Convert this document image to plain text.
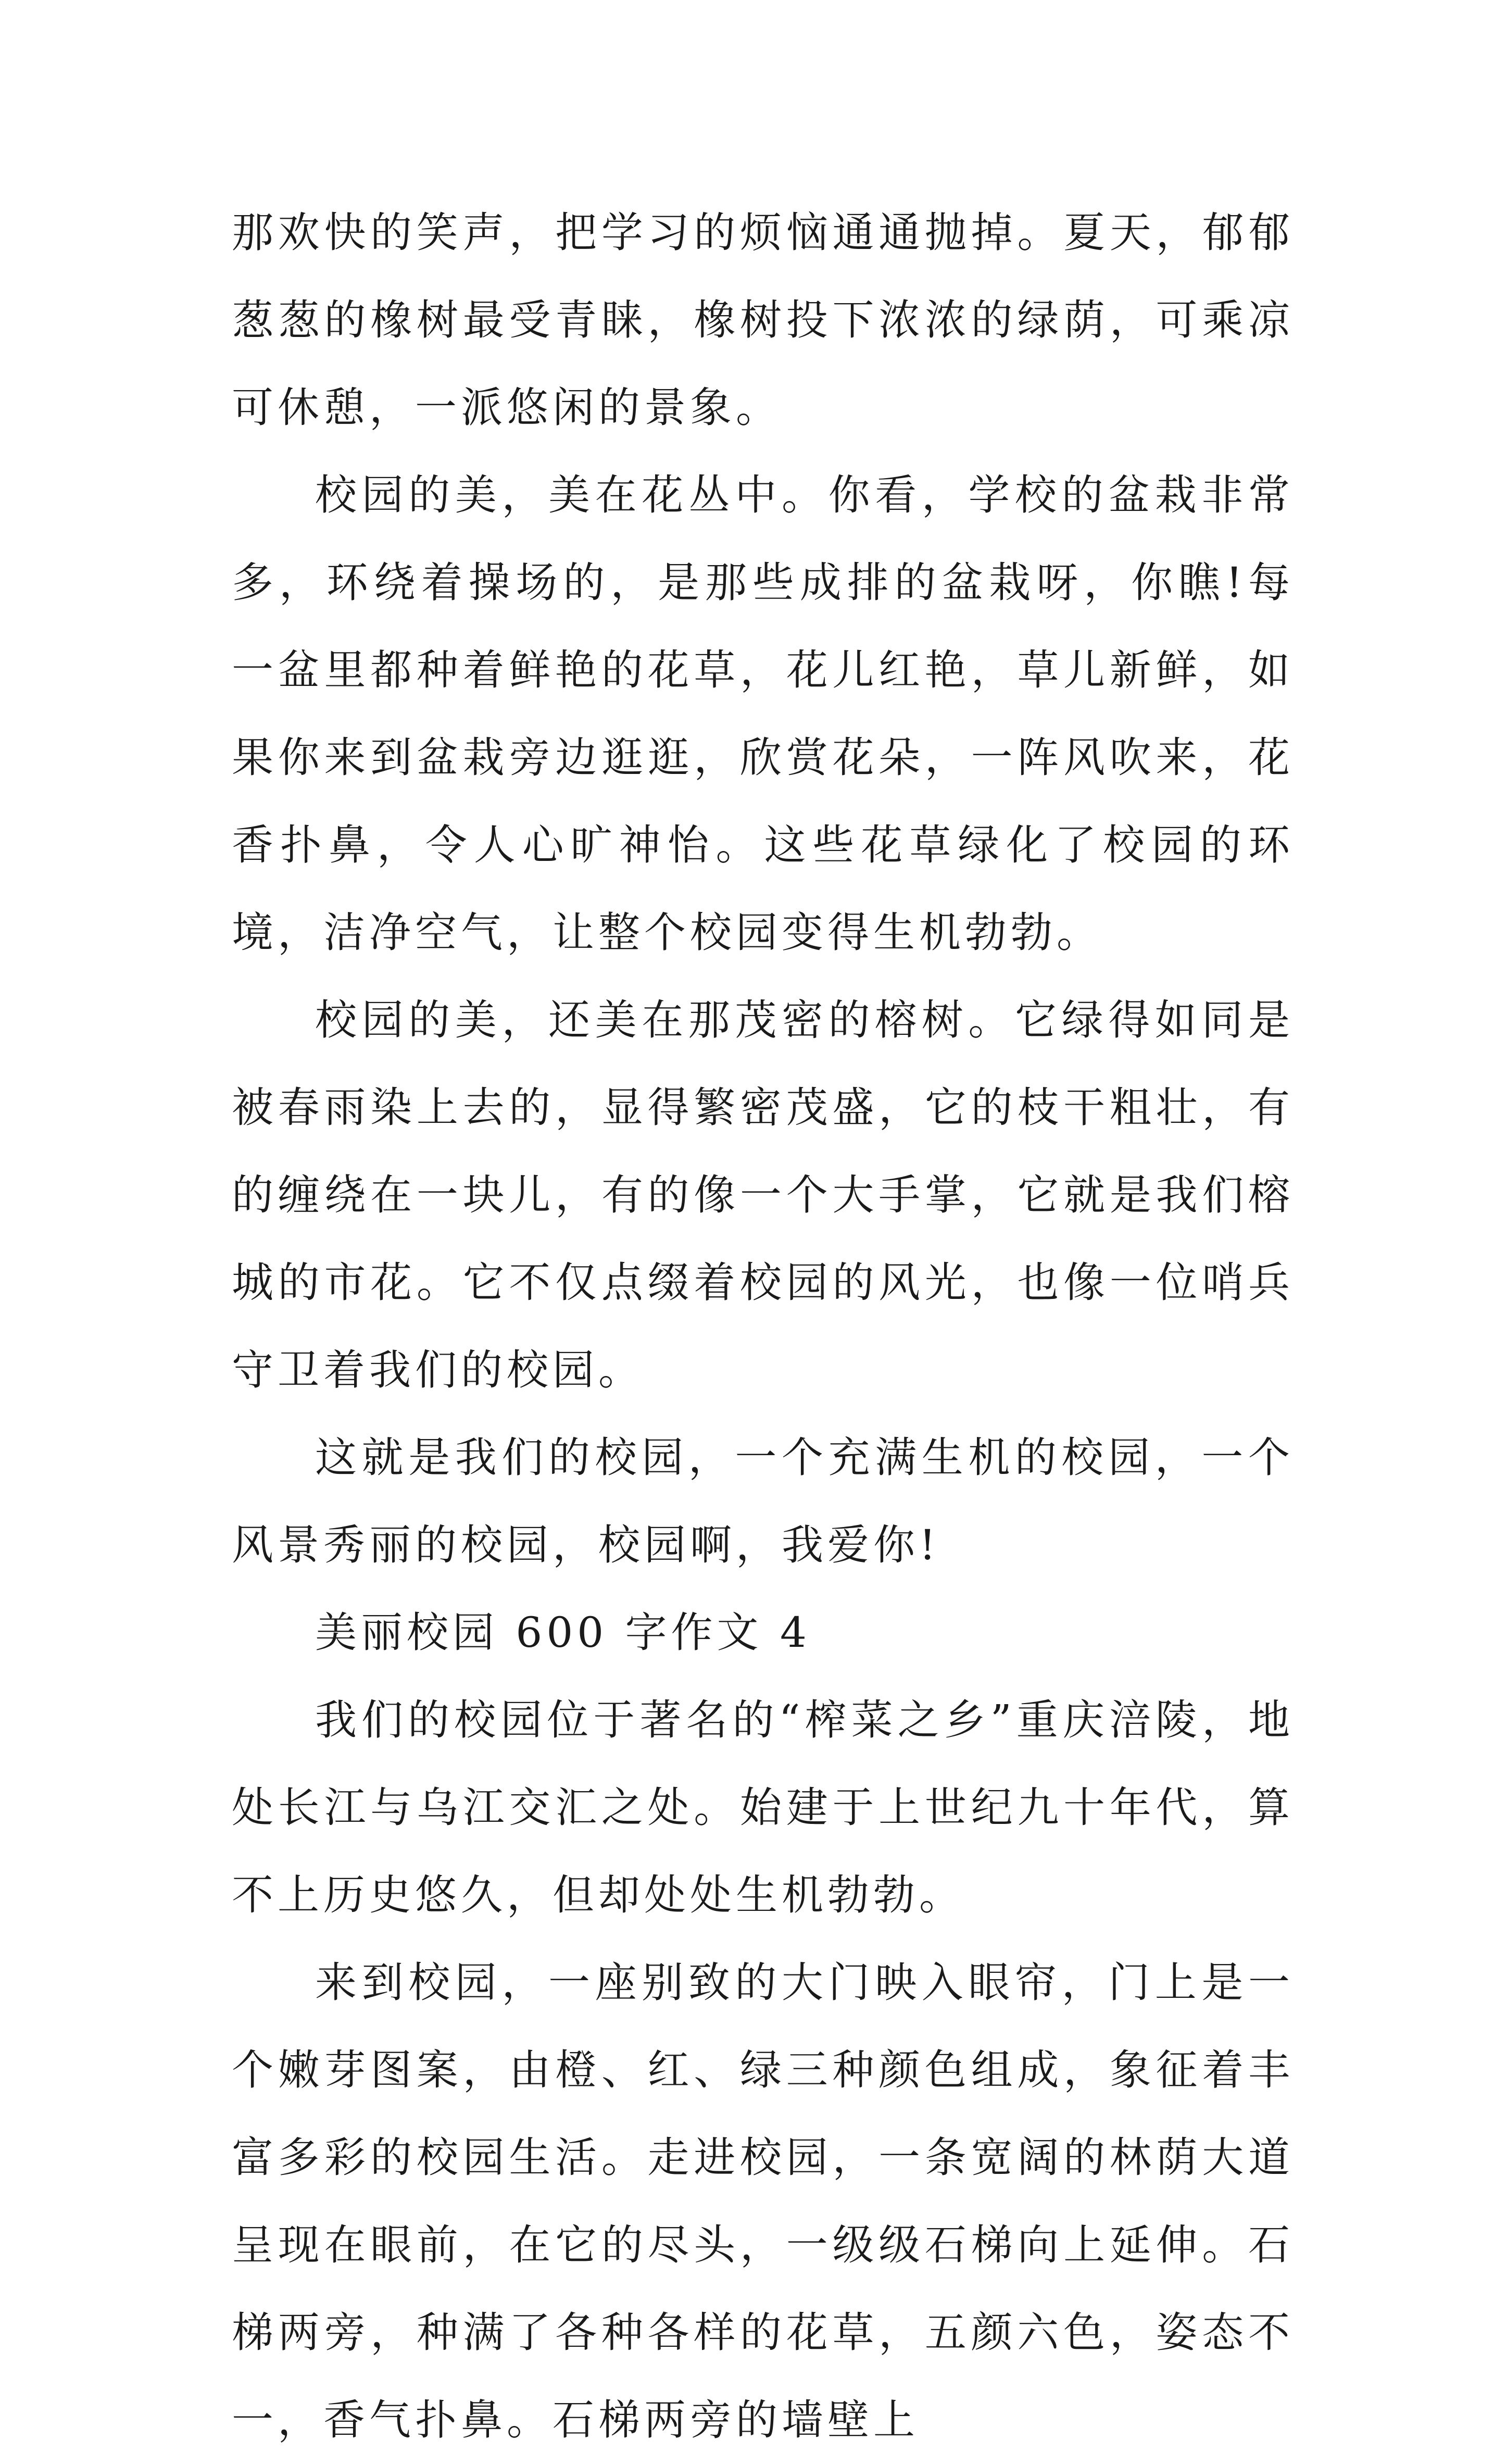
那欢快的笑声，把学习的烦恼通通抛掉。夏天，郁郁葱葱的橡树最受青睐，橡树投下浓浓的绿荫，可乘凉可休憩，一派悠闲的景象。

校园的美，美在花丛中。你看，学校的盆栽非常多，环绕着操场的，是那些成排的盆栽呀，你瞧!每一盆里都种着鲜艳的花草，花儿红艳，草儿新鲜，如果你来到盆栽旁边逛逛，欣赏花朵，一阵风吹来，花香扑鼻，令人心旷神怡。这些花草绿化了校园的环境，洁净空气，让整个校园变得生机勃勃。

校园的美，还美在那茂密的榕树。它绿得如同是被春雨染上去的，显得繁密茂盛，它的枝干粗壮，有的缠绕在一块儿，有的像一个大手掌，它就是我们榕城的市花。它不仅点缀着校园的风光，也像一位哨兵守卫着我们的校园。

这就是我们的校园，一个充满生机的校园，一个风景秀丽的校园，校园啊，我爱你!

美丽校园 600 字作文 4

我们的校园位于著名的“榨菜之乡”重庆涪陵，地处长江与乌江交汇之处。始建于上世纪九十年代，算不上历史悠久，但却处处生机勃勃。

来到校园，一座别致的大门映入眼帘，门上是一个嫩芽图案，由橙、红、绿三种颜色组成，象征着丰富多彩的校园生活。走进校园，一条宽阔的林荫大道呈现在眼前，在它的尽头，一级级石梯向上延伸。石梯两旁，种满了各种各样的花草，五颜六色，姿态不一，香气扑鼻。石梯两旁的墙壁上
